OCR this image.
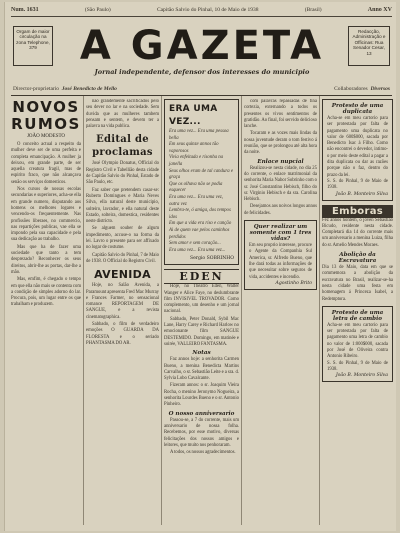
Num. 1631	(São Paulo)	Capitão Salvio do Pinhal, 10 de Maio de 1938	(Brasil)	Anno XV
Orgam de maior circulação na zona Telephone, 379
Redacção, Administração e Officinas: Rua Senador Cesar, 13
A GAZETA
Jornal independente, defensor dos interesses do municipio
Director-proprietario José Benedicto de Mello	Collaboradores Diversos
NOVOS RUMOS
JOÃO MODESTO

O conceito actual a respeito da mulher deve ser de uma perfeita e completa emancipação. A mulher ja deixou, em grande parte, de ser aquella creatura fragil, mas de espirito fraco, que não alcançava senão os serviços domesticos.

Nos cursos de nossas escolas secundarias e superiores, acha-se ella em grande numero, disputando aos homens os melhores logares e vencendo-os frequentemente. Nas profissões liberaes, no commercio, nas repartições publicas, vae ella se impondo pela sua capacidade e pela sua dedicação ao trabalho.

Mas que ha de fazer uma sociedade que tanto a tem desprezado? Reconhecer os seus direitos, abrir-lhe as portas, dar-lhe a mão.

Mas, emfim, é chegado o tempo em que ella não mais se contenta com a condição de simples adorno do lar. Procura, pois, um lugar entre os que trabalham e produzem.

não grandemente sacrificados pelo seu dever no lar e na sociedade. Sem duvida que as mulheres tambem pensam e sentem, e devem ter a palavra na vida publica.

Edital de proclamas

José Olympio Donatus, Official do Registro Civil e Tabellião desta cidade de Capitão Salvio do Pinhal, Estado de São Paulo, etc.

Faz saber que pretendem casar-se: Ruberto Domingues e Maria Neves Silva, ella natural deste municipio, solteiro, lavrador, e ella natural deste Estado, solteira, domestica, residentes neste districto.

Se alguem souber de algum impedimento, accuse-o na forma da lei. Lavro o presente para ser affixado no logar de costume.

Capitão Salvio do Pinhal, 7 de Maio de 1938. O Official do Registro Civil.

AVENIDA

Hoje, no Salão Avenida, a Paramount apresenta Fred Mac Murray e Frances Farmer, no sensacional romance REPORTAGEM DE SANGUE, e a revista cinematographica.

Sabbado, o film de verdadeiro emoções O GUARDA DA FLORESTA e o seriado PHANTASMA DO AR.

ERA UMA VEZ...
Era uma vez... Era uma pessoa bella
Em seus quinze annos tão vaporosos
Vivia enfeitada e risonha na janella
Seus olhos eram de tal candura e graça
Que os olhava não se podia esquecer
Era uma vez... Era uma vez, outra vez
Lembra-te, ó amiga, dos tempos idos
Em que a vida era riso e canção
Ai de quem vae pelos caminhos perdidos
Sem amor e sem coração...
Era uma vez... Era uma vez...
Sergio SOBRINHO
EDEN

Hoje, no Theatro Eden, Walter Wanger e Alice Faye, no deslumbrante film INVISIVEL TROVADOR. Como complemento, um desenho e um jornal nacional.

Sabbado, Peter Donald, Sybil Mac Lane, Harry Carey e Richard Harlow no emocionante film SANGUE DESTEMIDO. Domingo, em matinée e soirée, VALLEIRO FANTASMA.

Notas

Faz annos hoje: a senhorita Carmen Bueno, a menina Benedicta Martins Carvalho, o sr. Sebastião Leite e a sra. d. Sylvia Lobo Cavalcante.

Fizeram annos: o sr. Joaquim Vieira Rocha, o menino Jeronymo Nogueira, a senhorita Lourdes Bueno e o sr. Antonio Pinheiro.

O nosso anniversario

Passou-se, a 7 do corrente, mais um anniversario de nossa folha. Recebemos, por esse motivo, diversas felicitações dos nossos amigos e leitores, que muito nos penhoraram.

A todos, os nossos agradecimentos.

com palavras repassadas de fina cortezia, externando a todos os presentes os vivos sentimentos de gratidão. Ao final, foi servido delicioso lanche.

Tocaram e as vozes mais lindas da nossa juventude deram o tom festivo á reunião, que se prolongou até alta hora da noite.

Enlace nupcial

Realizou-se nesta cidade, no dia 25 do corrente, o enlace matrimonial da senhorita Maria Nabor Sobrinho com o sr. José Constantino Hebisch, filho do sr. Virginio Hebisch e da sra. Carolina Hebisch.

Desejamos aos noivos longos annos de felicidades.

Quer realizar um somente com 1 tres vidas?
Em seu proprio interesse, procure o Agente da Companhia Sul America, sr. Alfredo Bueno, que lhe dará todas as informações de que necessitar sobre seguros de vida, accidentes e incendio.
Agostinho Brito
Protesto de uma duplicata
Acha-se em meu cartorio para ser protestada por falta de pagamento uma duplicata no valor de 600$000, sacada por Benedicto Isac à Filho. Como não encontrei o devedor, intimo-o por meio deste edital a pagar a dita duplicata ou dar as razões porque não o faz, dentro do prazo da lei.
S. S. do Pinhal, 9 de Maio de 1938.
João B. Monteiro Silva
Emboras
Fez annos hontem, o joven Sebastião Bicudo, residente nesta cidade. Completará dia 14 do corrente mais um anniversario a menina Luiza, filha do sr. Amelio Mendes Moraes.
Abolição da Escravatura
Dia 13 de Maio, data em que se commemora a abolição da escravatura no Brasil, realizar-se-ha nesta cidade uma festa em homenagem á Princeza Isabel, a Redemptora.
Protesto de uma letra de cambio
Acha-se em meu cartorio para ser protestada por falta de pagamento uma letra de cambio no valor de 1:000$000, sacada por José de Oliveira contra Antonio Ribeiro.
S. S. do Pinhal, 9 de Maio de 1938.
João B. Monteiro Silva
